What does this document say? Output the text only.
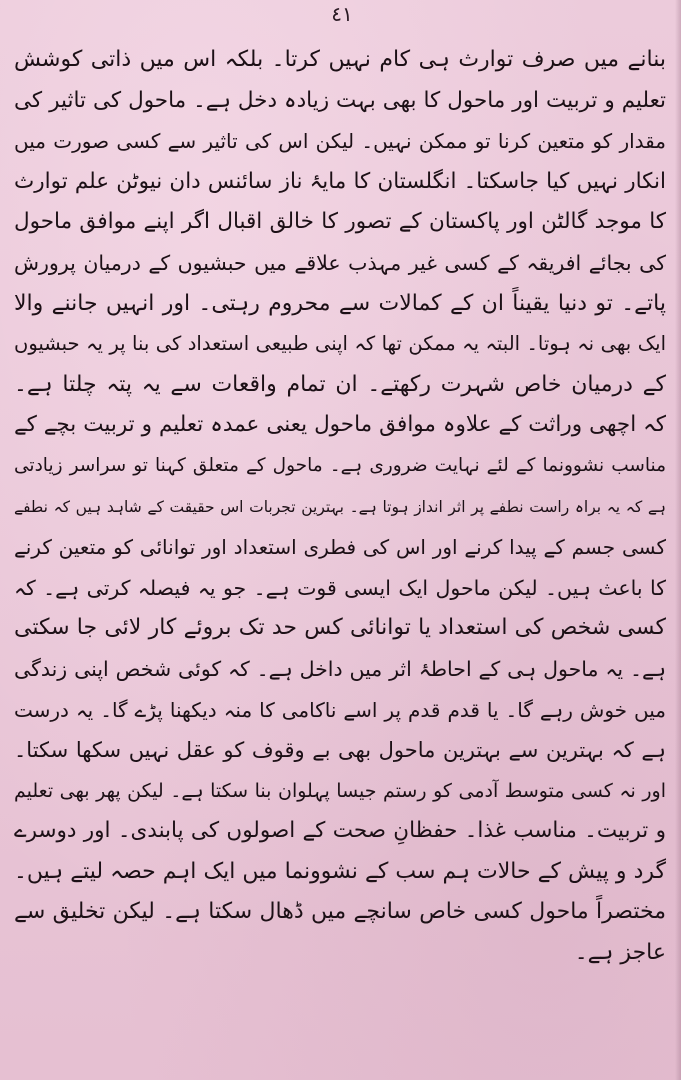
٤١
بنانے میں صرف توارث ہی کام نہیں کرتا۔ بلکہ اس میں ذاتی کوشش
تعلیم و تربیت اور ماحول کا بھی بہت زیادہ دخل ہے۔ ماحول کی تاثیر کی
مقدار کو متعین کرنا تو ممکن نہیں۔ لیکن اس کی تاثیر سے کسی صورت میں
انکار نہیں کیا جاسکتا۔ انگلستان کا مایۂ ناز سائنس دان نیوٹن علم توارث
کا موجد گالٹن اور پاکستان کے تصور کا خالق اقبال اگر اپنے موافق ماحول
کی بجائے افریقہ کے کسی غیر مہذب علاقے میں حبشیوں کے درمیان پرورش
پاتے۔ تو دنیا یقیناً ان کے کمالات سے محروم رہتی۔ اور انہیں جاننے والا
ایک بھی نہ ہوتا۔ البتہ یہ ممکن تھا کہ اپنی طبیعی استعداد کی بنا پر یہ حبشیوں
کے درمیان خاص شہرت رکھتے۔ ان تمام واقعات سے یہ پتہ چلتا ہے۔
کہ اچھی وراثت کے علاوہ موافق ماحول یعنی عمدہ تعلیم و تربیت بچے کے
مناسب نشوونما کے لئے نہایت ضروری ہے۔ ماحول کے متعلق کہنا تو سراسر زیادتی
ہے کہ یہ براہ راست نطفے پر اثر انداز ہوتا ہے۔ بہترین تجربات اس حقیقت کے شاہد ہیں کہ نطفے
کسی جسم کے پیدا کرنے اور اس کی فطری استعداد اور توانائی کو متعین کرنے
کا باعث ہیں۔ لیکن ماحول ایک ایسی قوت ہے۔ جو یہ فیصلہ کرتی ہے۔ کہ
کسی شخص کی استعداد یا توانائی کس حد تک بروئے کار لائی جا سکتی
ہے۔ یہ ماحول ہی کے احاطۂ اثر میں داخل ہے۔ کہ کوئی شخص اپنی زندگی
میں خوش رہے گا۔ یا قدم قدم پر اسے ناکامی کا منہ دیکھنا پڑے گا۔ یہ درست
ہے کہ بہترین سے بہترین ماحول بھی بے وقوف کو عقل نہیں سکھا سکتا۔
اور نہ کسی متوسط آدمی کو رستم جیسا پہلوان بنا سکتا ہے۔ لیکن پھر بھی تعلیم
و تربیت۔ مناسب غذا۔ حفظانِ صحت کے اصولوں کی پابندی۔ اور دوسرے
گرد و پیش کے حالات ہم سب کے نشوونما میں ایک اہم حصہ لیتے ہیں۔
مختصراً ماحول کسی خاص سانچے میں ڈھال سکتا ہے۔ لیکن تخلیق سے
عاجز ہے۔
